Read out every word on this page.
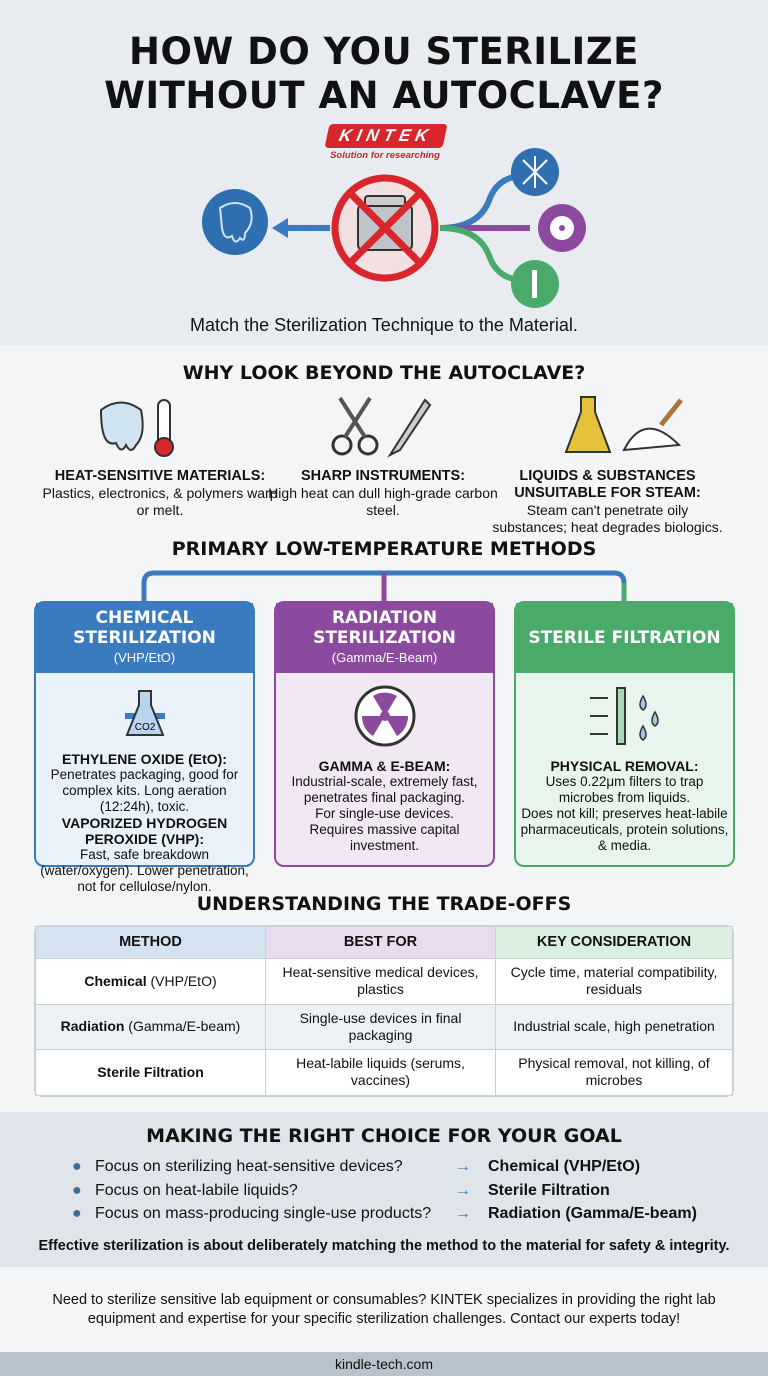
HOW DO YOU STERILIZE
WITHOUT AN AUTOCLAVE?
KINTEK
Solution for researching
Match the Sterilization Technique to the Material.
WHY LOOK BEYOND THE AUTOCLAVE?
HEAT-SENSITIVE MATERIALS:
Plastics, electronics, & polymers warp or melt.
SHARP INSTRUMENTS:
High heat can dull high-grade carbon steel.
LIQUIDS & SUBSTANCES UNSUITABLE FOR STEAM:
Steam can't penetrate oily substances; heat degrades biologics.
PRIMARY LOW-TEMPERATURE METHODS
CHEMICAL STERILIZATION
(VHP/EtO)
CO2
ETHYLENE OXIDE (EtO):
Penetrates packaging, good for complex kits. Long aeration (12:24h), toxic.
VAPORIZED HYDROGEN PEROXIDE (VHP):
Fast, safe breakdown (water/oxygen). Lower penetration, not for cellulose/nylon.
RADIATION STERILIZATION
(Gamma/E-Beam)
GAMMA & E-BEAM:
Industrial-scale, extremely fast, penetrates final packaging.
For single-use devices.
Requires massive capital investment.
STERILE FILTRATION
PHYSICAL REMOVAL:
Uses 0.22μm filters to trap microbes from liquids.
Does not kill; preserves heat-labile pharmaceuticals, protein solutions, & media.
UNDERSTANDING THE TRADE-OFFS
METHOD	BEST FOR	KEY CONSIDERATION
Chemical (VHP/EtO)	Heat-sensitive medical devices, plastics	Cycle time, material compatibility, residuals
Radiation (Gamma/E-beam)	Single-use devices in final packaging	Industrial scale, high penetration
Sterile Filtration	Heat-labile liquids (serums, vaccines)	Physical removal, not killing, of microbes
MAKING THE RIGHT CHOICE FOR YOUR GOAL
● Focus on sterilizing heat-sensitive devices?	→	Chemical (VHP/EtO)
● Focus on heat-labile liquids?	→	Sterile Filtration
● Focus on mass-producing single-use products?	→	Radiation (Gamma/E-beam)
Effective sterilization is about deliberately matching the method to the material for safety & integrity.
Need to sterilize sensitive lab equipment or consumables? KINTEK specializes in providing the right lab equipment and expertise for your specific sterilization challenges. Contact our experts today!
kindle-tech.com
